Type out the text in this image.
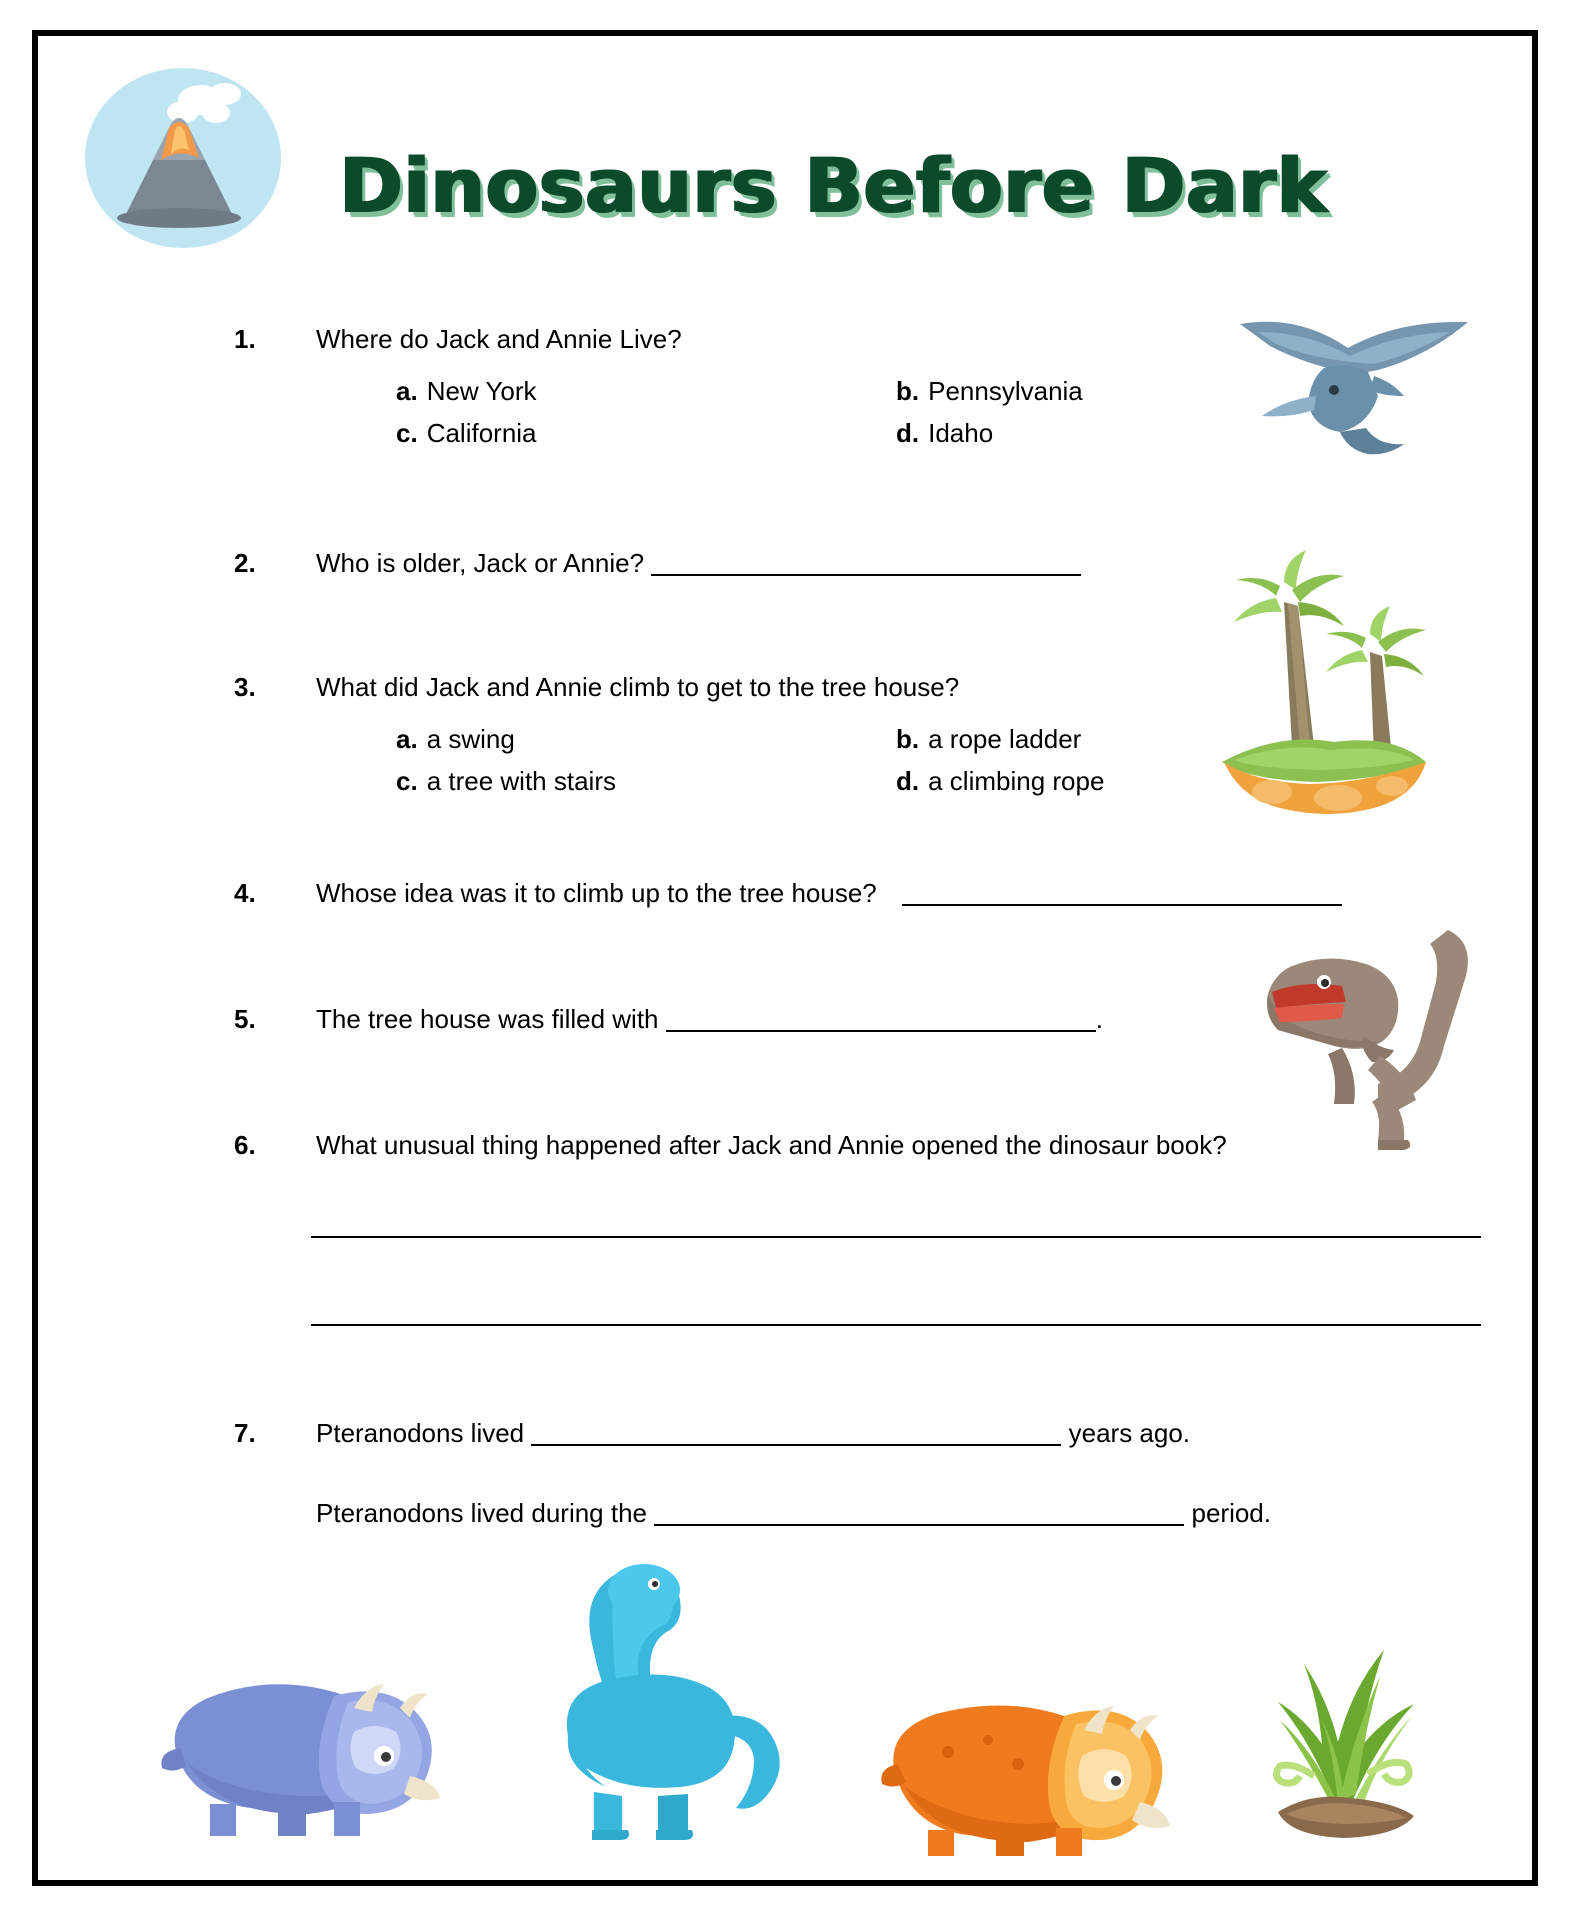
Dinosaurs Before Dark
1. Where do Jack and Annie Live?
a. New York	b. Pennsylvania
c. California	d. Idaho
2. Who is older, Jack or Annie?
3. What did Jack and Annie climb to get to the tree house?
a. a swing	b. a rope ladder
c. a tree with stairs	d. a climbing rope
4. Whose idea was it to climb up to the tree house?
5. The tree house was filled with	.
6. What unusual thing happened after Jack and Annie opened the dinosaur book?
7. Pteranodons lived	years ago.
Pteranodons lived during the	period.
